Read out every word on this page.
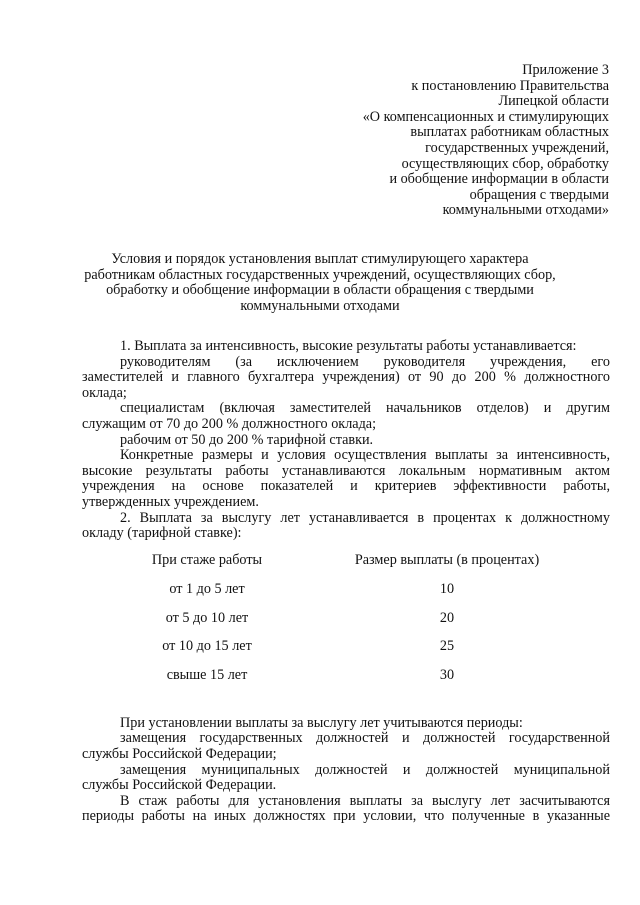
Приложение 3
к постановлению Правительства
Липецкой области
«О компенсационных и стимулирующих
выплатах работникам областных
государственных учреждений,
осуществляющих сбор, обработку
и обобщение информации в области
обращения с твердыми
коммунальными отходами»
Условия и порядок установления выплат стимулирующего характера
работникам областных государственных учреждений, осуществляющих сбор,
обработку и обобщение информации в области обращения с твердыми
коммунальными отходами

1. Выплата за интенсивность, высокие результаты работы устанавливается:

руководителям (за исключением руководителя учреждения, его
заместителей и главного бухгалтера учреждения) от 90 до 200 % должностного
оклада;

специалистам (включая заместителей начальников отделов) и другим
служащим от 70 до 200 % должностного оклада;

рабочим от 50 до 200 % тарифной ставки.

Конкретные размеры и условия осуществления выплаты за интенсивность,
высокие результаты работы устанавливаются локальным нормативным актом
учреждения на основе показателей и критериев эффективности работы,
утвержденных учреждением.

2. Выплата за выслугу лет устанавливается в процентах к должностному
окладу (тарифной ставке):

При стаже работы	Размер выплаты (в процентах)
от 1 до 5 лет	10
от 5 до 10 лет	20
от 10 до 15 лет	25
свыше 15 лет	30

При установлении выплаты за выслугу лет учитываются периоды:

замещения государственных должностей и должностей государственной
службы Российской Федерации;

замещения муниципальных должностей и должностей муниципальной
службы Российской Федерации.

В стаж работы для установления выплаты за выслугу лет засчитываются
периоды работы на иных должностях при условии, что полученные в указанные
